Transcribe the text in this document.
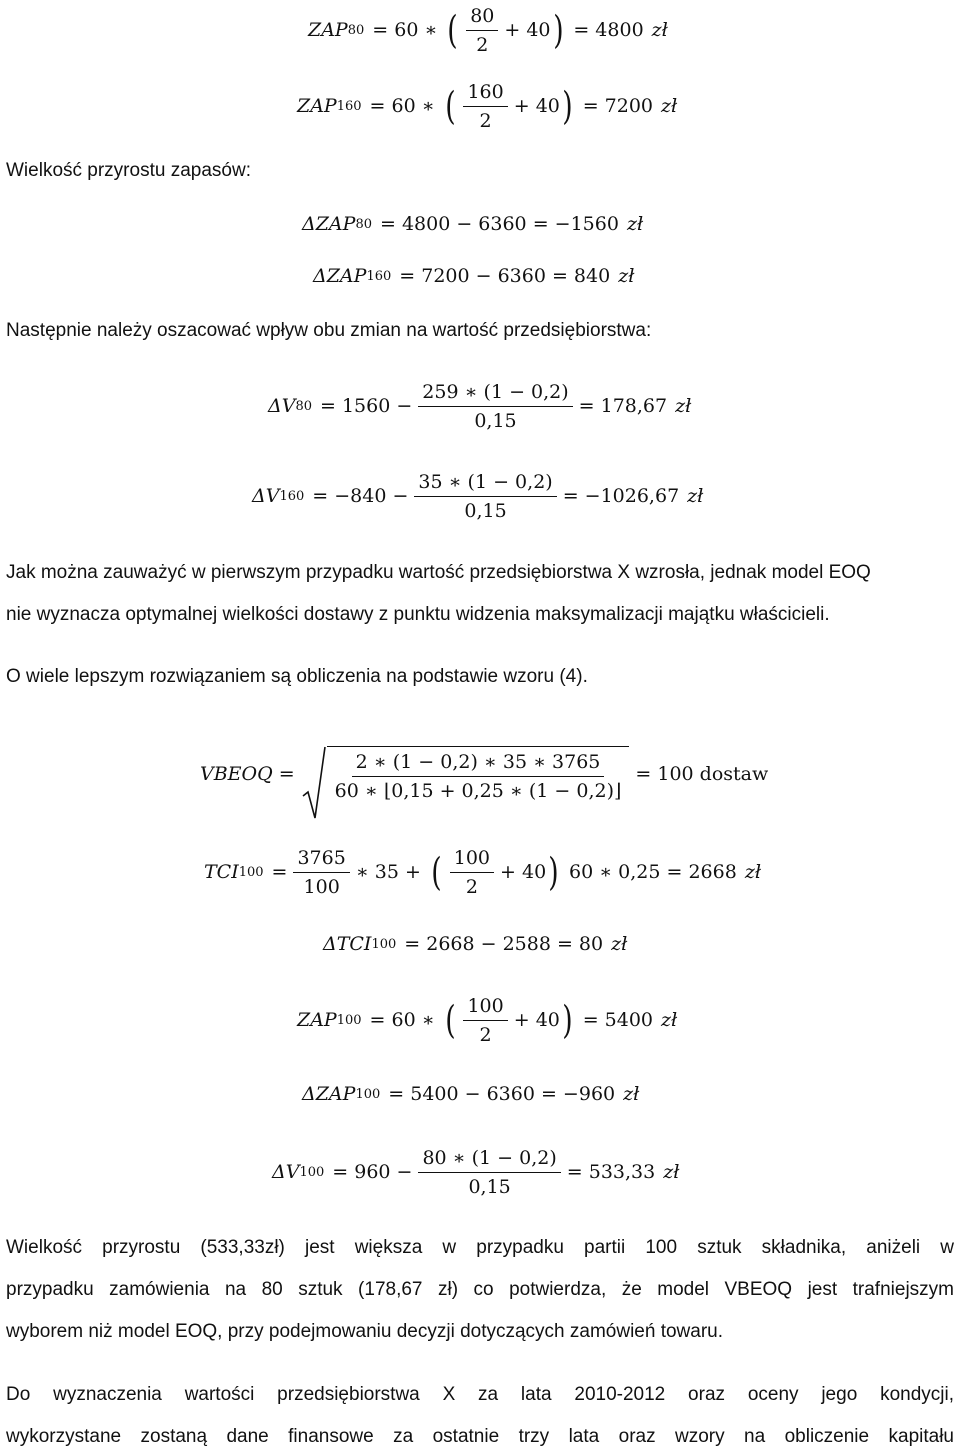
ZAP 80 = 60 ∗ ( $\frac{80}{2} + 40$ ) = 4800 zł
ZAP 160 = 60 ∗ ( $\frac{160}{2} + 40$ ) = 7200 zł
Wielkość przyrostu zapasów:
ΔZAP 80 = 4800 − 6360 = −1560 zł
ΔZAP 160 = 7200 − 6360 = 840 zł
Następnie należy oszacować wpływ obu zmian na wartość przedsiębiorstwa:
ΔV $80 = 1560 - \frac{259 ∗ (1 - 0,2)}{0,15} = 178,67$ zł
ΔV $160 = -840 - \frac{35 ∗ (1 - 0,2)}{0,15} = -1026,67$ zł
Jak można zauważyć w pierwszym przypadku wartość przedsiębiorstwa X wzrosła, jednak model EOQ
nie wyznacza optymalnej wielkości dostawy z punktu widzenia maksymalizacji majątku właścicieli.
O wiele lepszym rozwiązaniem są obliczenia na podstawie wzoru (4).
VBEOQ = $\frac{2 ∗ (1 - 0,2) ∗ 35 ∗ 3765}{60 ∗ ⌊0,15 + 0,25 ∗ (1 - 0,2)⌋} = 100$ dostaw
TCI $100 = \frac{3765}{100}$ ∗ 35 + ( $\frac{100}{2} + 40$ ) 60 ∗ 0,25 = 2668 zł
ΔTCI 100 = 2668 − 2588 = 80 zł
ZAP 100 = 60 ∗ ( $\frac{100}{2} + 40$ ) = 5400 zł
ΔZAP 100 = 5400 − 6360 = −960 zł
ΔV $100 = 960 - \frac{80 ∗ (1 - 0,2)}{0,15} = 533,33$ zł
Wielkość przyrostu (533,33zł) jest większa w przypadku partii 100 sztuk składnika, aniżeli w
przypadku zamówienia na 80 sztuk (178,67 zł) co potwierdza, że model VBEOQ jest trafniejszym
wyborem niż model EOQ, przy podejmowaniu decyzji dotyczących zamówień towaru.
Do wyznaczenia wartości przedsiębiorstwa X za lata 2010-2012 oraz oceny jego kondycji,
wykorzystane zostaną dane finansowe za ostatnie trzy lata oraz wzory na obliczenie kapitału
